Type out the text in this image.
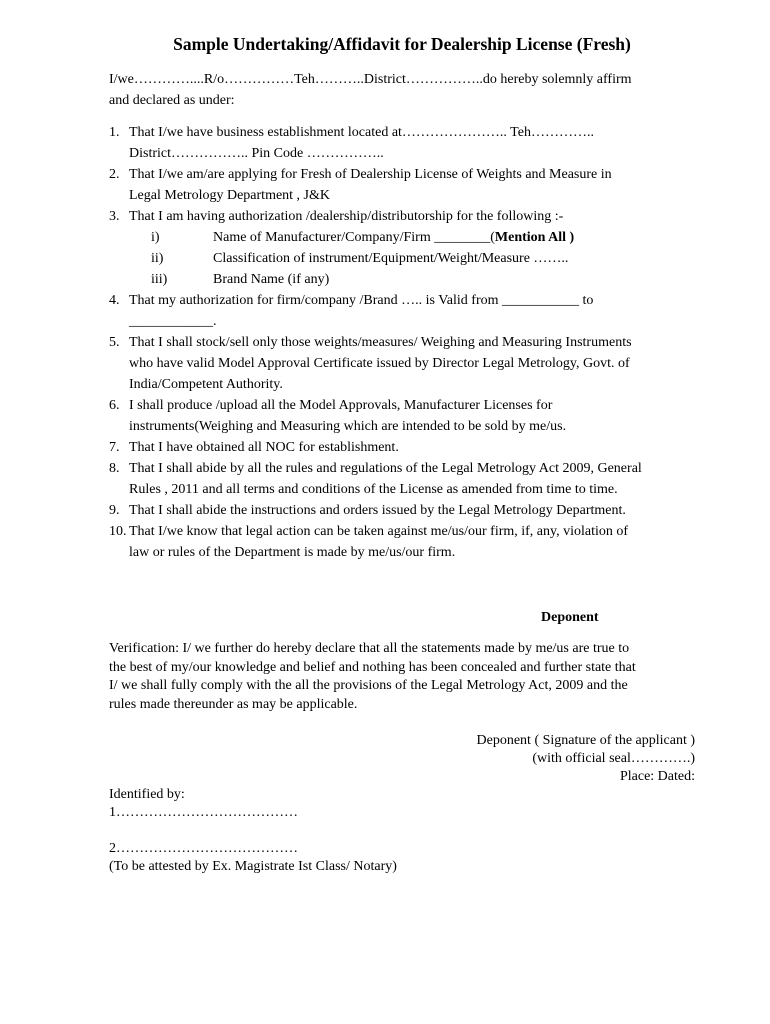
Sample Undertaking/Affidavit for Dealership License (Fresh)
I/we…………....R/o……………Teh………..District……………..do hereby solemnly affirm
and declared as under:
1. That I/we have business establishment located at………………….. Teh…………..
District…………….. Pin Code ……………..
2. That I/we am/are applying for Fresh of Dealership License of Weights and Measure in
Legal Metrology Department , J&K
3. That I am having authorization /dealership/distributorship for the following :-
i)	Name of Manufacturer/Company/Firm ________(Mention All )
ii)	Classification of instrument/Equipment/Weight/Measure ……..
iii)	Brand Name (if any)
4. That my authorization for firm/company /Brand ….. is Valid from ___________ to
____________.
5. That I shall stock/sell only those weights/measures/ Weighing and Measuring Instruments
who have valid Model Approval Certificate issued by Director Legal Metrology, Govt. of
India/Competent Authority.
6. I shall produce /upload all the Model Approvals, Manufacturer Licenses for
instruments(Weighing and Measuring which are intended to be sold by me/us.
7. That I have obtained all NOC for establishment.
8. That I shall abide by all the rules and regulations of the Legal Metrology Act 2009, General
Rules , 2011 and all terms and conditions of the License as amended from time to time.
9. That I shall abide the instructions and orders issued by the Legal Metrology Department.
10. That I/we know that legal action can be taken against me/us/our firm, if, any, violation of
law or rules of the Department is made by me/us/our firm.
Deponent
Verification: I/ we further do hereby declare that all the statements made by me/us are true to
the best of my/our knowledge and belief and nothing has been concealed and further state that
I/ we shall fully comply with the all the provisions of the Legal Metrology Act, 2009 and the
rules made thereunder as may be applicable.
Deponent ( Signature of the applicant )
(with official seal………….)
Place: Dated:
Identified by:
1…………………………………
2…………………………………
(To be attested by Ex. Magistrate Ist Class/ Notary)
